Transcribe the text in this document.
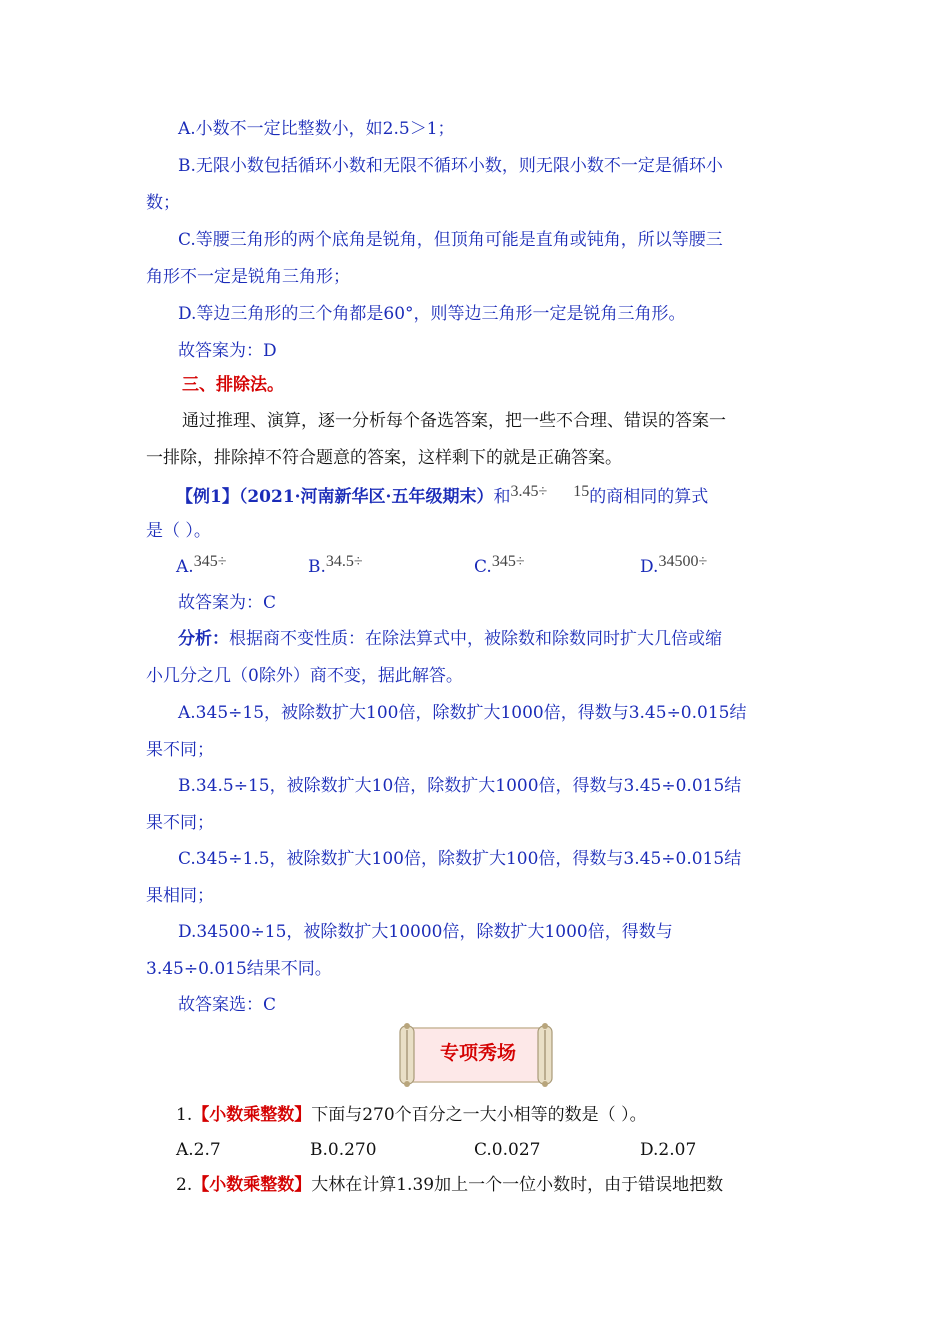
A.小数不一定比整数小，如2.5＞1；
B.无限小数包括循环小数和无限不循环小数，则无限小数不一定是循环小
数；
C.等腰三角形的两个底角是锐角，但顶角可能是直角或钝角，所以等腰三
角形不一定是锐角三角形；
D.等边三角形的三个角都是60°，则等边三角形一定是锐角三角形。
故答案为：D
三、排除法。
通过推理、演算，逐一分析每个备选答案，把一些不合理、错误的答案一
一排除，排除掉不符合题意的答案，这样剩下的就是正确答案。
【例1】（2021·河南新华区·五年级期末）和3.45÷ 15的商相同的算式
是（ ）。
A.345÷	B.34.5÷	C.345÷	D.34500÷
故答案为：C
分析：根据商不变性质：在除法算式中，被除数和除数同时扩大几倍或缩
小几分之几（0除外）商不变，据此解答。
A.345÷15，被除数扩大100倍，除数扩大1000倍，得数与3.45÷0.015结
果不同；
B.34.5÷15，被除数扩大10倍，除数扩大1000倍，得数与3.45÷0.015结
果不同；
C.345÷1.5，被除数扩大100倍，除数扩大100倍，得数与3.45÷0.015结
果相同；
D.34500÷15，被除数扩大10000倍，除数扩大1000倍，得数与
3.45÷0.015结果不同。
故答案选：C
专项秀场
1.【小数乘整数】下面与270个百分之一大小相等的数是（ ）。
A.2.7	B.0.270	C.0.027	D.2.07
2.【小数乘整数】大林在计算1.39加上一个一位小数时，由于错误地把数
